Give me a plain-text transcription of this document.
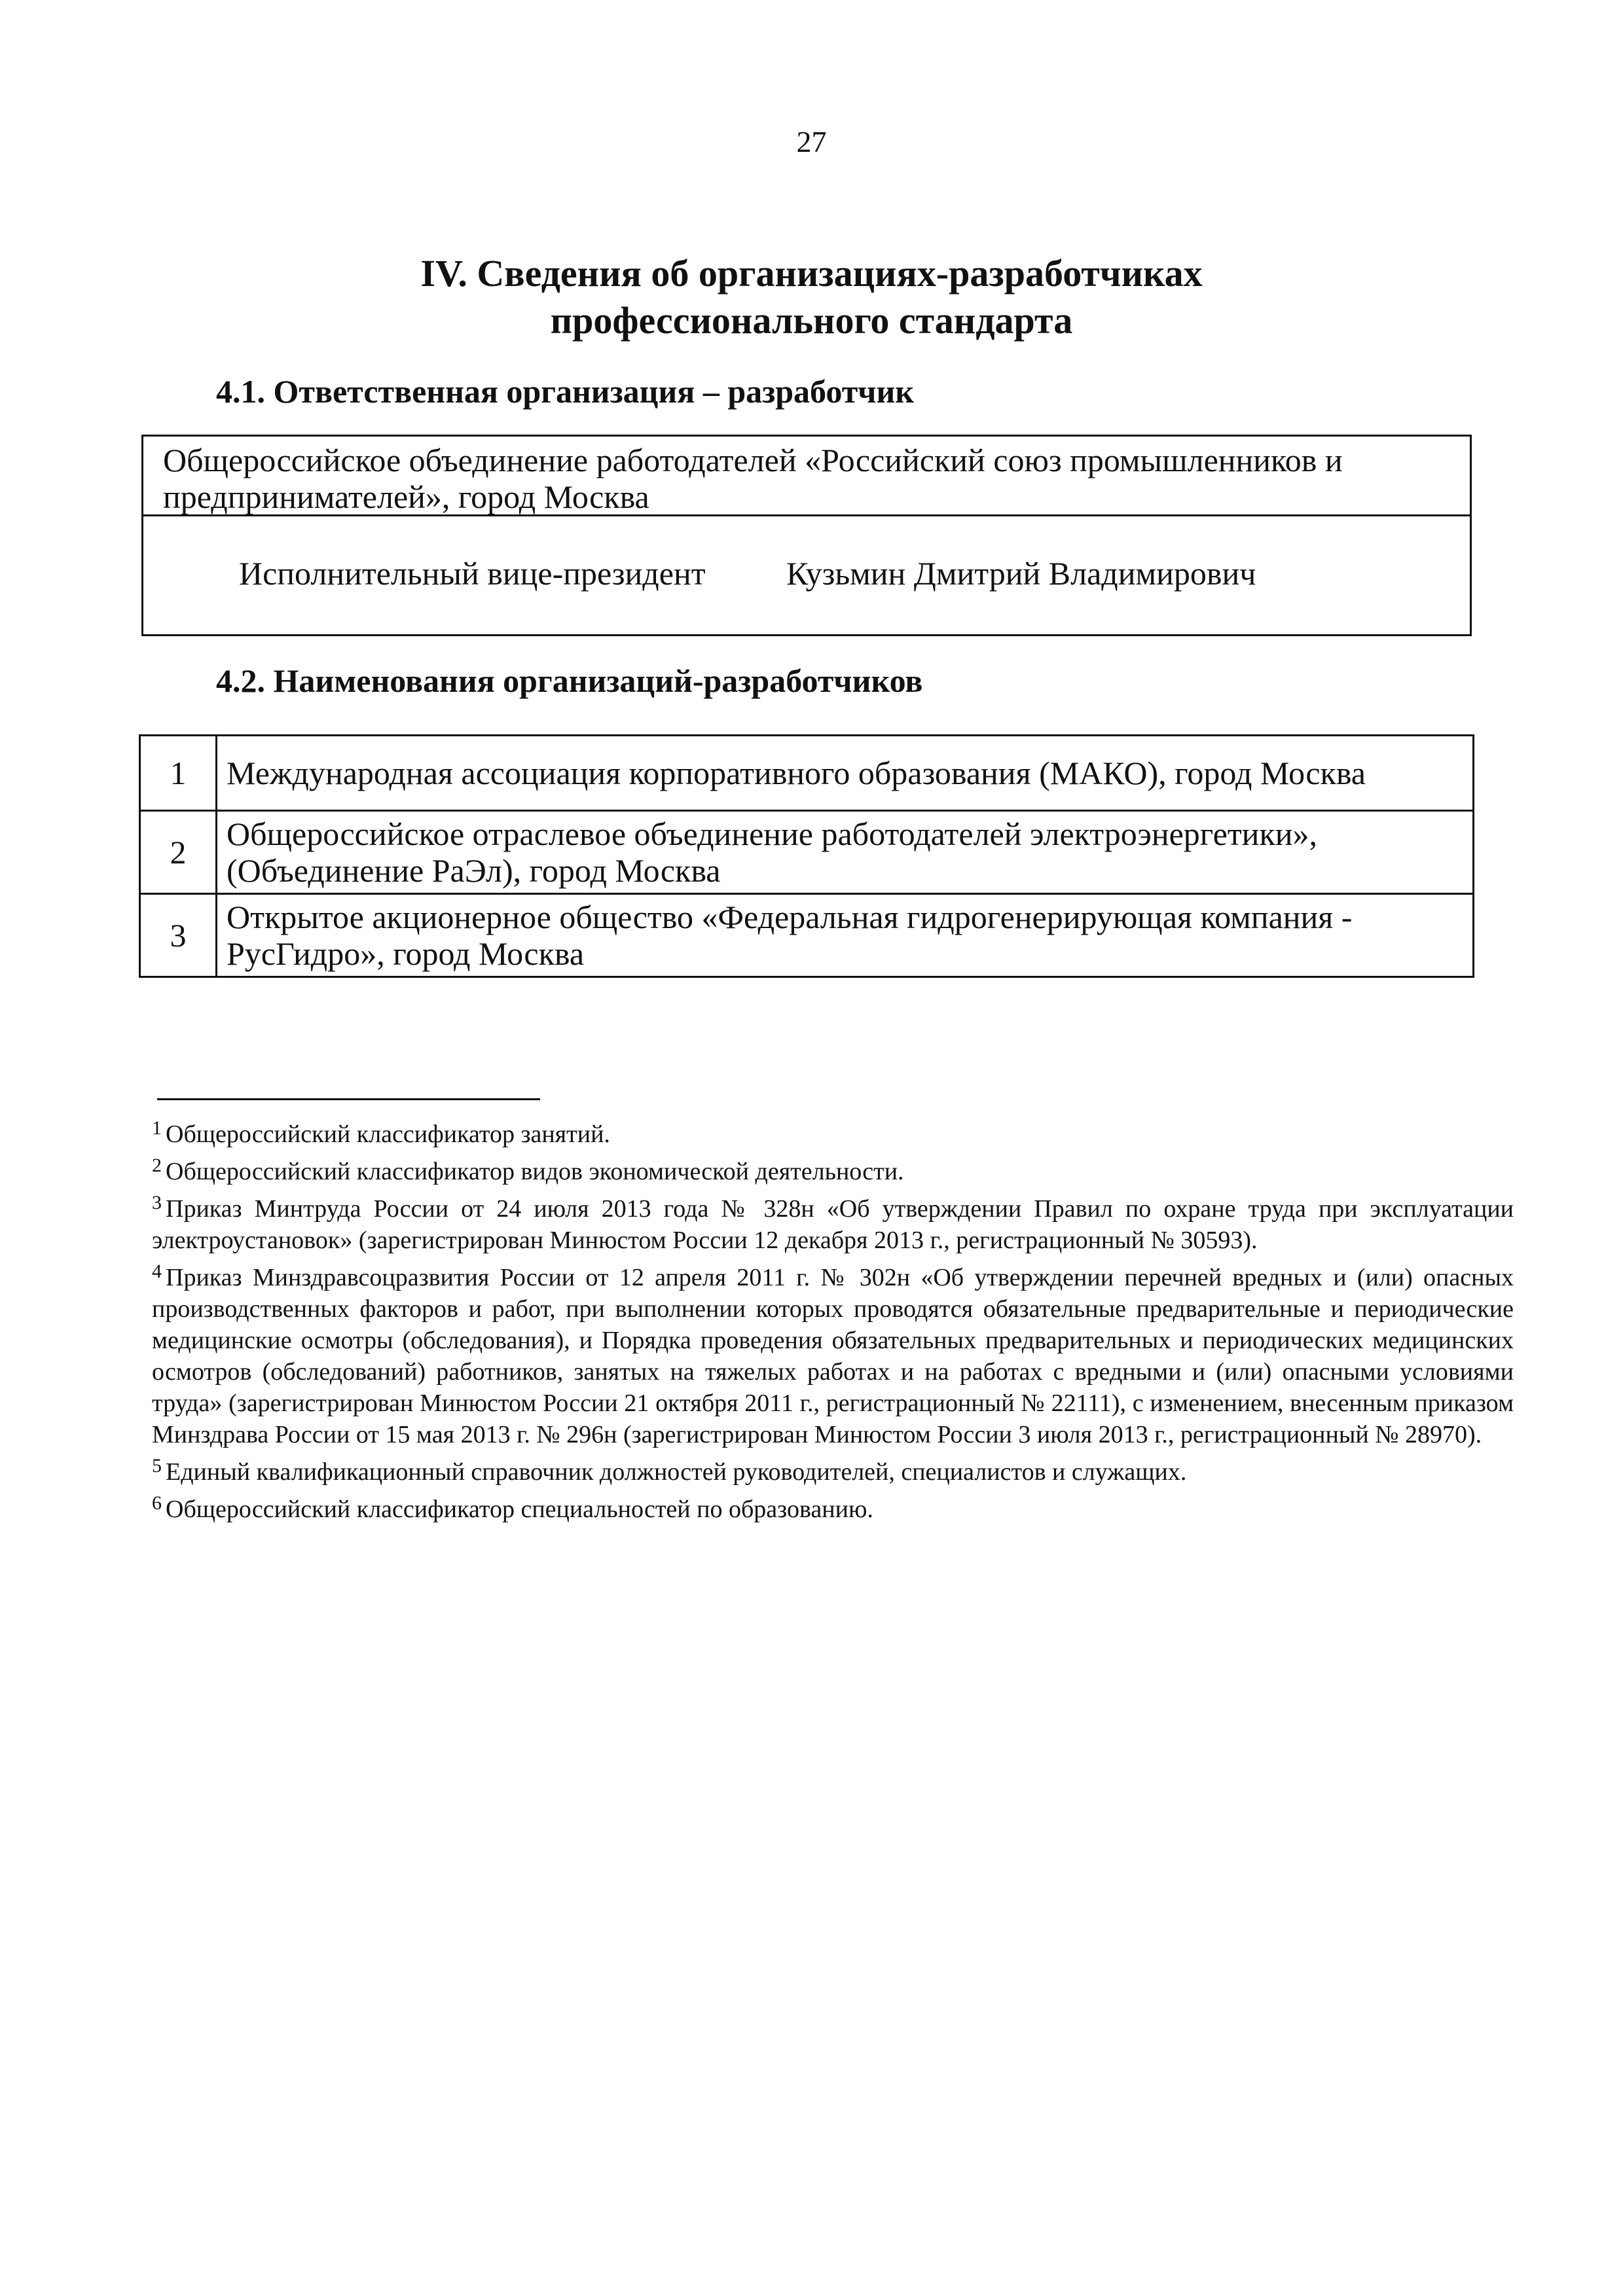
27
IV. Сведения об организациях-разработчиках
профессионального стандарта
4.1. Ответственная организация – разработчик
Общероссийское объединение работодателей «Российский союз промышленников и предпринимателей», город Москва
Исполнительный вице-президент Кузьмин Дмитрий Владимирович
4.2. Наименования организаций-разработчиков
1	Международная ассоциация корпоративного образования (МАКО), город Москва
2	Общероссийское отраслевое объединение работодателей электроэнергетики», (Объединение РаЭл), город Москва
3	Открытое акционерное общество «Федеральная гидрогенерирующая компания - РусГидро», город Москва

$^1$ Общероссийский классификатор занятий.

$^2$ Общероссийский классификатор видов экономической деятельности.

$^3$ Приказ Минтруда России от 24 июля 2013 года № 328н «Об утверждении Правил по охране труда при эксплуатации электроустановок» (зарегистрирован Минюстом России 12 декабря 2013 г., регистрационный № 30593).

$^4$ Приказ Минздравсоцразвития России от 12 апреля 2011 г. № 302н «Об утверждении перечней вредных и (или) опасных производственных факторов и работ, при выполнении которых проводятся обязательные предварительные и периодические медицинские осмотры (обследования), и Порядка проведения обязательных предварительных и периодических медицинских осмотров (обследований) работников, занятых на тяжелых работах и на работах с вредными и (или) опасными условиями труда» (зарегистрирован Минюстом России 21 октября 2011 г., регистрационный № 22111), с изменением, внесенным приказом Минздрава России от 15 мая 2013 г. № 296н (зарегистрирован Минюстом России 3 июля 2013 г., регистрационный № 28970).

$^5$ Единый квалификационный справочник должностей руководителей, специалистов и служащих.

$^6$ Общероссийский классификатор специальностей по образованию.
